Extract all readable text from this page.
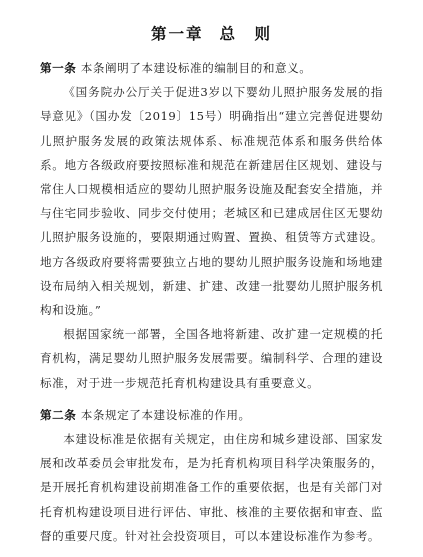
第一章 总　则

第一条 本条阐明了本建设标准的编制目的和意义。

《国务院办公厅关于促进3岁以下婴幼儿照护服务发展的指导意见》（国办发〔2019〕15号）明确指出“建立完善促进婴幼儿照护服务发展的政策法规体系、标准规范体系和服务供给体系。地方各级政府要按照标准和规范在新建居住区规划、建设与常住人口规模相适应的婴幼儿照护服务设施及配套安全措施，并与住宅同步验收、同步交付使用；老城区和已建成居住区无婴幼儿照护服务设施的，要限期通过购置、置换、租赁等方式建设。地方各级政府要将需要独立占地的婴幼儿照护服务设施和场地建设布局纳入相关规划，新建、扩建、改建一批婴幼儿照护服务机构和设施。”

根据国家统一部署，全国各地将新建、改扩建一定规模的托育机构，满足婴幼儿照护服务发展需要。编制科学、合理的建设标准，对于进一步规范托育机构建设具有重要意义。

第二条 本条规定了本建设标准的作用。

本建设标准是依据有关规定，由住房和城乡建设部、国家发展和改革委员会审批发布，是为托育机构项目科学决策服务的，是开展托育机构建设前期准备工作的重要依据，也是有关部门对托育机构建设项目进行评估、审批、核准的主要依据和审查、监督的重要尺度。针对社会投资项目，可以本建设标准作为参考。
